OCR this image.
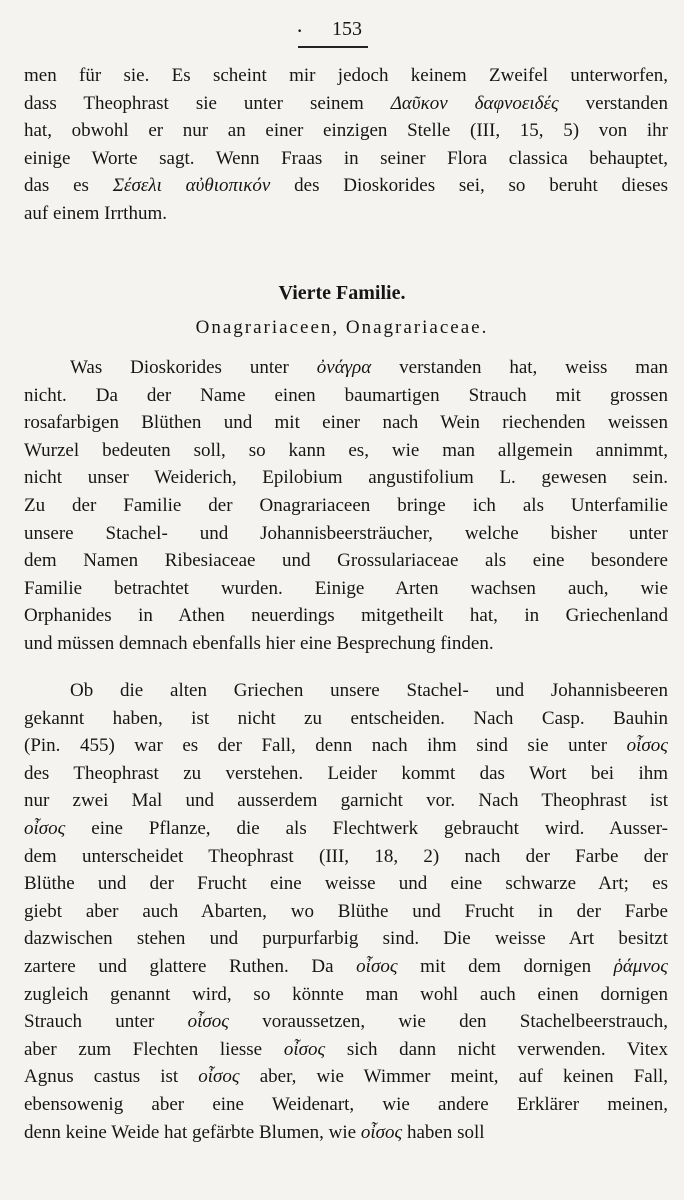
· 153
men für sie. Es scheint mir jedoch keinem Zweifel unterworfen,
dass Theophrast sie unter seinem Δαῦκον δαφνοειδές verstanden
hat, obwohl er nur an einer einzigen Stelle (III, 15, 5) von ihr
einige Worte sagt. Wenn Fraas in seiner Flora classica behauptet,
das es Σέσελι αὐθιοπικόν des Dioskorides sei, so beruht dieses
auf einem Irrthum.
Vierte Familie.
Onagrariaceen, Onagrariaceae.
Was Dioskorides unter ὀνάγρα verstanden hat, weiss man
nicht. Da der Name einen baumartigen Strauch mit grossen
rosafarbigen Blüthen und mit einer nach Wein riechenden weissen
Wurzel bedeuten soll, so kann es, wie man allgemein annimmt,
nicht unser Weiderich, Epilobium angustifolium L. gewesen sein.
Zu der Familie der Onagrariaceen bringe ich als Unterfamilie
unsere Stachel- und Johannisbeersträucher, welche bisher unter
dem Namen Ribesiaceae und Grossulariaceae als eine besondere
Familie betrachtet wurden. Einige Arten wachsen auch, wie
Orphanides in Athen neuerdings mitgetheilt hat, in Griechenland
und müssen demnach ebenfalls hier eine Besprechung finden.
Ob die alten Griechen unsere Stachel- und Johannisbeeren
gekannt haben, ist nicht zu entscheiden. Nach Casp. Bauhin
(Pin. 455) war es der Fall, denn nach ihm sind sie unter οἶσος
des Theophrast zu verstehen. Leider kommt das Wort bei ihm
nur zwei Mal und ausserdem garnicht vor. Nach Theophrast ist
οἶσος eine Pflanze, die als Flechtwerk gebraucht wird. Ausser-
dem unterscheidet Theophrast (III, 18, 2) nach der Farbe der
Blüthe und der Frucht eine weisse und eine schwarze Art; es
giebt aber auch Abarten, wo Blüthe und Frucht in der Farbe
dazwischen stehen und purpurfarbig sind. Die weisse Art besitzt
zartere und glattere Ruthen. Da οἶσος mit dem dornigen ῥάμνος
zugleich genannt wird, so könnte man wohl auch einen dornigen
Strauch unter οἶσος voraussetzen, wie den Stachelbeerstrauch,
aber zum Flechten liesse οἶσος sich dann nicht verwenden. Vitex
Agnus castus ist οἶσος aber, wie Wimmer meint, auf keinen Fall,
ebensowenig aber eine Weidenart, wie andere Erklärer meinen,
denn keine Weide hat gefärbte Blumen, wie οἶσος haben soll
